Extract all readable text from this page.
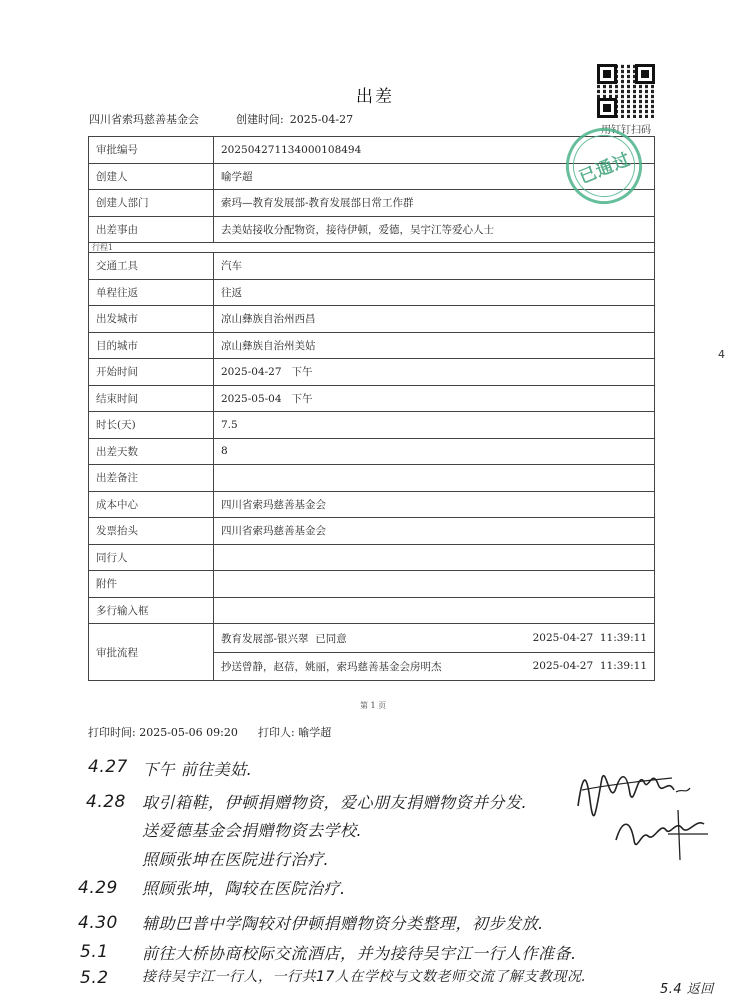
出差
用钉钉扫码
四川省索玛慈善基金会	创建时间: 2025-04-27
审批编号	202504271134000108494
创建人	喻学超
创建人部门	索玛—教育发展部-教育发展部日常工作群
出差事由	去美姑接收分配物资，接待伊顿，爱德，吴宇江等爱心人士
行程1	
交通工具	汽车
单程往返	往返
出发城市	凉山彝族自治州西昌
目的城市	凉山彝族自治州美姑
开始时间	2025-04-27   下午
结束时间	2025-05-04   下午
时长(天)	7.5
出差天数	8
出差备注	
成本中心	四川省索玛慈善基金会
发票抬头	四川省索玛慈善基金会
同行人	
附件	
多行输入框	
审批流程	教育发展部-银兴翠  已同意 2025-04-27  11:39:11
抄送曾静，赵蓓，姚丽，索玛慈善基金会房明杰 2025-04-27  11:39:11
已通过
第 1 页
打印时间: 2025-05-06 09:20 打印人: 喻学超
4
4.27 下午 前往美姑.
4.28 取引箱鞋，伊顿捐赠物资，爱心朋友捐赠物资并分发.
送爱德基金会捐赠物资去学校.
照顾张坤在医院进行治疗.
4.29 照顾张坤，陶较在医院治疗.
4.30 辅助巴普中学陶较对伊顿捐赠物资分类整理，初步发放.
5.1 前往大桥协商校际交流酒店，并为接待吴宇江一行人作准备.
5.2 接待吴宇江一行人，一行共17人在学校与文数老师交流了解支教现况.
5.4 返回
